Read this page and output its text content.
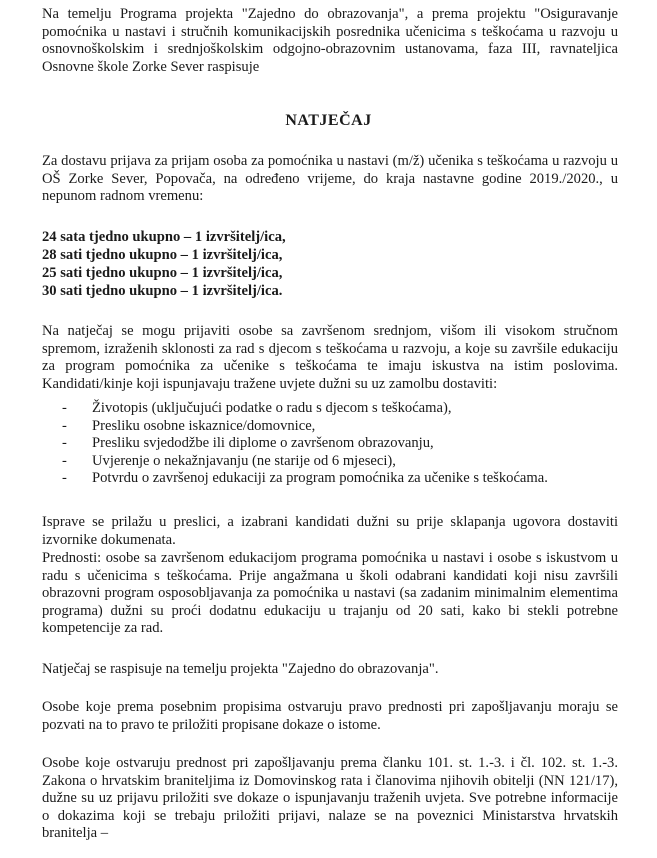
Na temelju Programa projekta "Zajedno do obrazovanja", a prema projektu "Osiguravanje pomoćnika u nastavi i stručnih komunikacijskih posrednika učenicima s teškoćama u razvoju u osnovnoškolskim i srednjoškolskim odgojno-obrazovnim ustanovama, faza III, ravnateljica Osnovne škole Zorke Sever raspisuje

NATJEČAJ

Za dostavu prijava za prijam osoba za pomoćnika u nastavi (m/ž) učenika s teškoćama u razvoju u OŠ Zorke Sever, Popovača, na određeno vrijeme, do kraja nastavne godine 2019./2020., u nepunom radnom vremenu:

24 sata tjedno ukupno – 1 izvršitelj/ica,

28 sati tjedno ukupno – 1 izvršitelj/ica,

25 sati tjedno ukupno – 1 izvršitelj/ica,

30 sati tjedno ukupno – 1 izvršitelj/ica.

Na natječaj se mogu prijaviti osobe sa završenom srednjom, višom ili visokom stručnom spremom, izraženih sklonosti za rad s djecom s teškoćama u razvoju, a koje su završile edukaciju za program pomoćnika za učenike s teškoćama te imaju iskustva na istim poslovima. Kandidati/kinje koji ispunjavaju tražene uvjete dužni su uz zamolbu dostaviti:

- Životopis (uključujući podatke o radu s djecom s teškoćama),
- Presliku osobne iskaznice/domovnice,
- Presliku svjedodžbe ili diplome o završenom obrazovanju,
- Uvjerenje o nekažnjavanju (ne starije od 6 mjeseci),
- Potvrdu o završenoj edukaciji za program pomoćnika za učenike s teškoćama.

Isprave se prilažu u preslici, a izabrani kandidati dužni su prije sklapanja ugovora dostaviti izvornike dokumenata.

Prednosti: osobe sa završenom edukacijom programa pomoćnika u nastavi i osobe s iskustvom u radu s učenicima s teškoćama. Prije angažmana u školi odabrani kandidati koji nisu završili obrazovni program osposobljavanja za pomoćnika u nastavi (sa zadanim minimalnim elementima programa) dužni su proći dodatnu edukaciju u trajanju od 20 sati, kako bi stekli potrebne kompetencije za rad.

Natječaj se raspisuje na temelju projekta "Zajedno do obrazovanja".

Osobe koje prema posebnim propisima ostvaruju pravo prednosti pri zapošljavanju moraju se pozvati na to pravo te priložiti propisane dokaze o istome.

Osobe koje ostvaruju prednost pri zapošljavanju prema članku 101. st. 1.-3. i čl. 102. st. 1.-3. Zakona o hrvatskim braniteljima iz Domovinskog rata i članovima njihovih obitelji (NN 121/17), dužne su uz prijavu priložiti sve dokaze o ispunjavanju traženih uvjeta. Sve potrebne informacije o dokazima koji se trebaju priložiti prijavi, nalaze se na poveznici Ministarstva hrvatskih branitelja –
